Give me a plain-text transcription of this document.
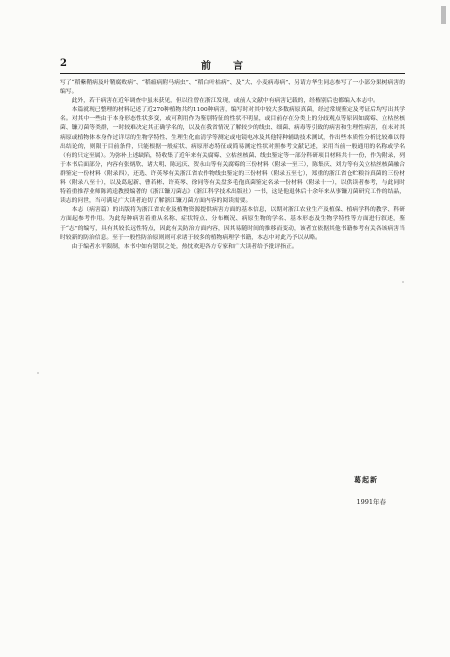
2	前　言

写了“稻紫鞘病及叶鞘腐败病”、“稻瘟病附马病虫”、“稻白叶枯病”、及“大、小麦病毒病”、另请方华生同志参写了一小部分果树病害的编写。

此外，若干病害在近年调查中虽未获见，但以往曾在浙江发现，或前人文献中有病害记载的，经権别后也都编入本志中。

本篇就现已整理的材料记述了近270种植物共约1100种病害，编写时对其中较大多数病原真菌，经过常规鉴定及考证后均写出其学名。对其中一些由于本身形态性状多变，或可利用作为鉴别特征的性状不明显，或目前存在分类上的分歧观点等原因如腐霉、立枯丝核菌、镰刀菌等类群，一时较难决定其正确学名的，以及在我省情况了解较少的线虫、细菌、病毒等引致的病害和生理性病害，在未对其病原或植物体本身作过详尽的生物学特性、生理生化血清学等测定或电镜电冰及其他特种辅助技术测试，作出些本质性分析比较难以得出结论的，则限于目前条件，只能根据一般症状、病原形态特征或简易测定性状对照参考文献记述，采用当前一般通用的名称或学名（有的只定至属）。为弥补上述缺陷，特收集了近年来有关腐霉、立枯丝核菌、线虫鉴定等一部分科研项目材料共十一份，作为附录，列于本书后面部分，内容有张炳欣、诸大明、陈远庆、贺永山等有关腐霉的三份材料（附录一至三），陈集庆、刘力等有关立枯丝核菌融合群鉴定一份材料（附录四），还选、许英琴有关浙江省农作物线虫鉴定的三份材料（附录五至七），郑重的浙江省仓贮粮谷真菌的三份材料（附录八至十），以及葛起新、曹若彬、许英琴、徐同等有关盘多毛孢真菌鉴定名录一份材料（附录十一），以供读者参考，与此同时特着重推荐业师陈鸿逵教授编著的《浙江镰刀菌志》（浙江科学技术出版社）一书，这是他退休后十余年来从事镰刀菌研究工作的结晶，读志的问世，当可满足广大读者迫切了解浙江镰刀菌方面内容的阅读需要。

本志（病害篇）的出版将为浙江省农业及植物资源提供病害方面的基本信息，以期对浙江农业生产及植保、植病学科的教学、科研方面起参考作用。为此每种病害着重从名称、症状特点、分布概况、病原生物的学名、基本形态及生物学特性等方面进行叙述，鉴于“志”的编写，具有其较长远性特点，因此有关防治方面内容，因其易随时间的推移而变动，该者宜依据其他书籍参考有关各该病害当时较新的防治信息。至于一般性防治原则则可求诸于较多的植物病理学书籍，本志中对此乃予以从略。

由于编者水平限制，本书中如有错误之处，热忱欢迎各方专家和广大读者给予批评指正。

葛起新
1991年春
